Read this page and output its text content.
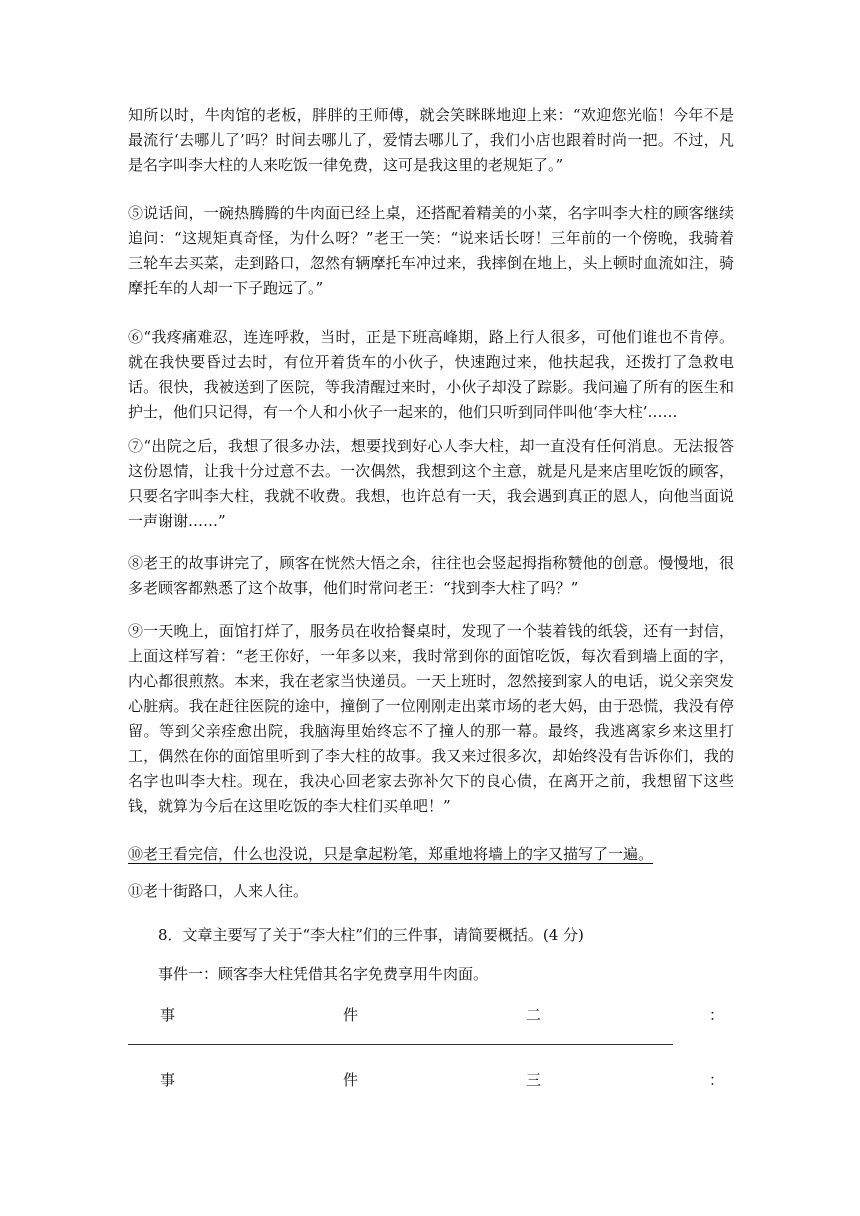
知所以时，牛肉馆的老板，胖胖的王师傅，就会笑眯眯地迎上来：“欢迎您光临！今年不是最流行‘去哪儿了’吗？时间去哪儿了，爱情去哪儿了，我们小店也跟着时尚一把。不过，凡是名字叫李大柱的人来吃饭一律免费，这可是我这里的老规矩了。”

⑤说话间，一碗热腾腾的牛肉面已经上桌，还搭配着精美的小菜，名字叫李大柱的顾客继续追问：“这规矩真奇怪，为什么呀？”老王一笑：“说来话长呀！三年前的一个傍晚，我骑着三轮车去买菜，走到路口，忽然有辆摩托车冲过来，我摔倒在地上，头上顿时血流如注，骑摩托车的人却一下子跑远了。”

⑥“我疼痛难忍，连连呼救，当时，正是下班高峰期，路上行人很多，可他们谁也不肯停。就在我快要昏过去时，有位开着货车的小伙子，快速跑过来，他扶起我，还拨打了急救电话。很快，我被送到了医院，等我清醒过来时，小伙子却没了踪影。我问遍了所有的医生和护士，他们只记得，有一个人和小伙子一起来的，他们只听到同伴叫他‘李大柱’……

⑦“出院之后，我想了很多办法，想要找到好心人李大柱，却一直没有任何消息。无法报答这份恩情，让我十分过意不去。一次偶然，我想到这个主意，就是凡是来店里吃饭的顾客，只要名字叫李大柱，我就不收费。我想，也许总有一天，我会遇到真正的恩人，向他当面说一声谢谢……”

⑧老王的故事讲完了，顾客在恍然大悟之余，往往也会竖起拇指称赞他的创意。慢慢地，很多老顾客都熟悉了这个故事，他们时常问老王：“找到李大柱了吗？”

⑨一天晚上，面馆打烊了，服务员在收拾餐桌时，发现了一个装着钱的纸袋，还有一封信，上面这样写着：“老王你好，一年多以来，我时常到你的面馆吃饭，每次看到墙上面的字，内心都很煎熬。本来，我在老家当快递员。一天上班时，忽然接到家人的电话，说父亲突发心脏病。我在赶往医院的途中，撞倒了一位刚刚走出菜市场的老大妈，由于恐慌，我没有停留。等到父亲痊愈出院，我脑海里始终忘不了撞人的那一幕。最终，我逃离家乡来这里打工，偶然在你的面馆里听到了李大柱的故事。我又来过很多次，却始终没有告诉你们，我的名字也叫李大柱。现在，我决心回老家去弥补欠下的良心债，在离开之前，我想留下这些钱，就算为今后在这里吃饭的李大柱们买单吧！”

⑩老王看完信，什么也没说，只是拿起粉笔，郑重地将墙上的字又描写了一遍。

⑪老十街路口，人来人往。

8．文章主要写了关于“李大柱”们的三件事，请简要概括。(4 分)

事件一：顾客李大柱凭借其名字免费享用牛肉面。

事	件	二	：
事	件	三	：
